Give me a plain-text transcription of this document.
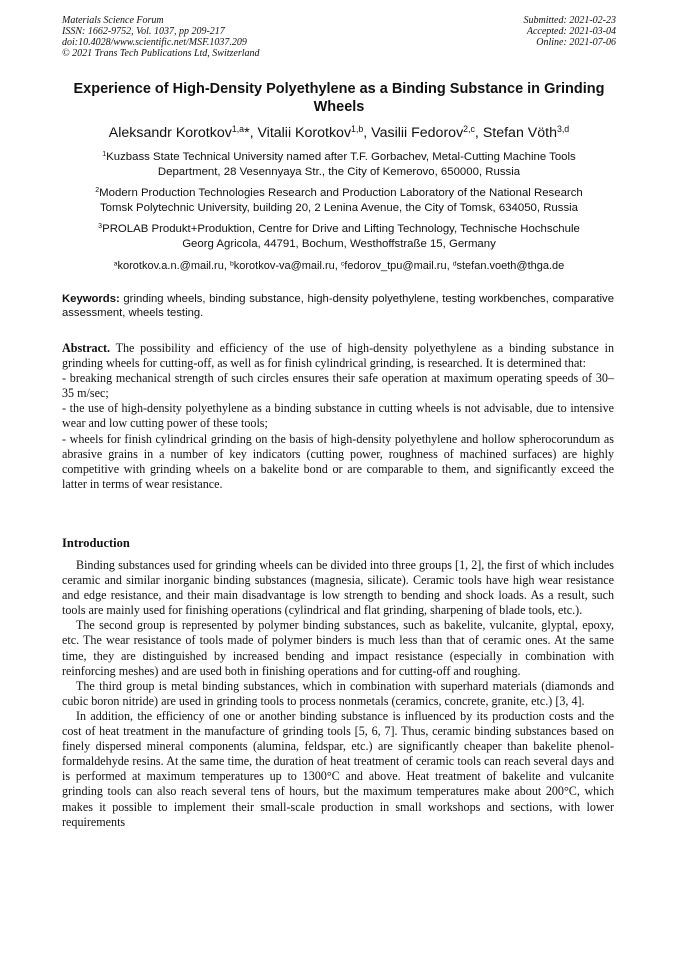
Materials Science Forum
ISSN: 1662-9752, Vol. 1037, pp 209-217
doi:10.4028/www.scientific.net/MSF.1037.209
© 2021 Trans Tech Publications Ltd, Switzerland
Submitted: 2021-02-23
Accepted: 2021-03-04
Online: 2021-07-06
Experience of High-Density Polyethylene as a Binding Substance in Grinding Wheels
Aleksandr Korotkov$^{1,a}$*, Vitalii Korotkov$^{1,b}$, Vasilii Fedorov$^{2,c}$, Stefan Vöth$^{3,d}$
$^1$Kuzbass State Technical University named after T.F. Gorbachev, Metal-Cutting Machine Tools
Department, 28 Vesennyaya Str., the City of Kemerovo, 650000, Russia
$^2$Modern Production Technologies Research and Production Laboratory of the National Research
Tomsk Polytechnic University, building 20, 2 Lenina Avenue, the City of Tomsk, 634050, Russia
$^3$PROLAB Produkt+Produktion, Centre for Drive and Lifting Technology, Technische Hochschule
Georg Agricola, 44791, Bochum, Westhoffstraße 15, Germany
$^a$korotkov.a.n.@mail.ru, $^b$korotkov-va@mail.ru, $^c$fedorov_tpu@mail.ru, $^d$stefan.voeth@thga.de
Keywords: grinding wheels, binding substance, high-density polyethylene, testing workbenches, comparative assessment, wheels testing.

Abstract. The possibility and efficiency of the use of high-density polyethylene as a binding substance in grinding wheels for cutting-off, as well as for finish cylindrical grinding, is researched. It is determined that:

- breaking mechanical strength of such circles ensures their safe operation at maximum operating speeds of 30–35 m/sec;

- the use of high-density polyethylene as a binding substance in cutting wheels is not advisable, due to intensive wear and low cutting power of these tools;

- wheels for finish cylindrical grinding on the basis of high-density polyethylene and hollow spherocorundum as abrasive grains in a number of key indicators (cutting power, roughness of machined surfaces) are highly competitive with grinding wheels on a bakelite bond or are comparable to them, and significantly exceed the latter in terms of wear resistance.

Introduction

Binding substances used for grinding wheels can be divided into three groups [1, 2], the first of which includes ceramic and similar inorganic binding substances (magnesia, silicate). Ceramic tools have high wear resistance and edge resistance, and their main disadvantage is low strength to bending and shock loads. As a result, such tools are mainly used for finishing operations (cylindrical and flat grinding, sharpening of blade tools, etc.).

The second group is represented by polymer binding substances, such as bakelite, vulcanite, glyptal, epoxy, etc. The wear resistance of tools made of polymer binders is much less than that of ceramic ones. At the same time, they are distinguished by increased bending and impact resistance (especially in combination with reinforcing meshes) and are used both in finishing operations and for cutting-off and roughing.

The third group is metal binding substances, which in combination with superhard materials (diamonds and cubic boron nitride) are used in grinding tools to process nonmetals (ceramics, concrete, granite, etc.) [3, 4].

In addition, the efficiency of one or another binding substance is influenced by its production costs and the cost of heat treatment in the manufacture of grinding tools [5, 6, 7]. Thus, ceramic binding substances based on finely dispersed mineral components (alumina, feldspar, etc.) are significantly cheaper than bakelite phenol-formaldehyde resins. At the same time, the duration of heat treatment of ceramic tools can reach several days and is performed at maximum temperatures up to 1300°C and above. Heat treatment of bakelite and vulcanite grinding tools can also reach several tens of hours, but the maximum temperatures make about 200°C, which makes it possible to implement their small-scale production in small workshops and sections, with lower requirements
